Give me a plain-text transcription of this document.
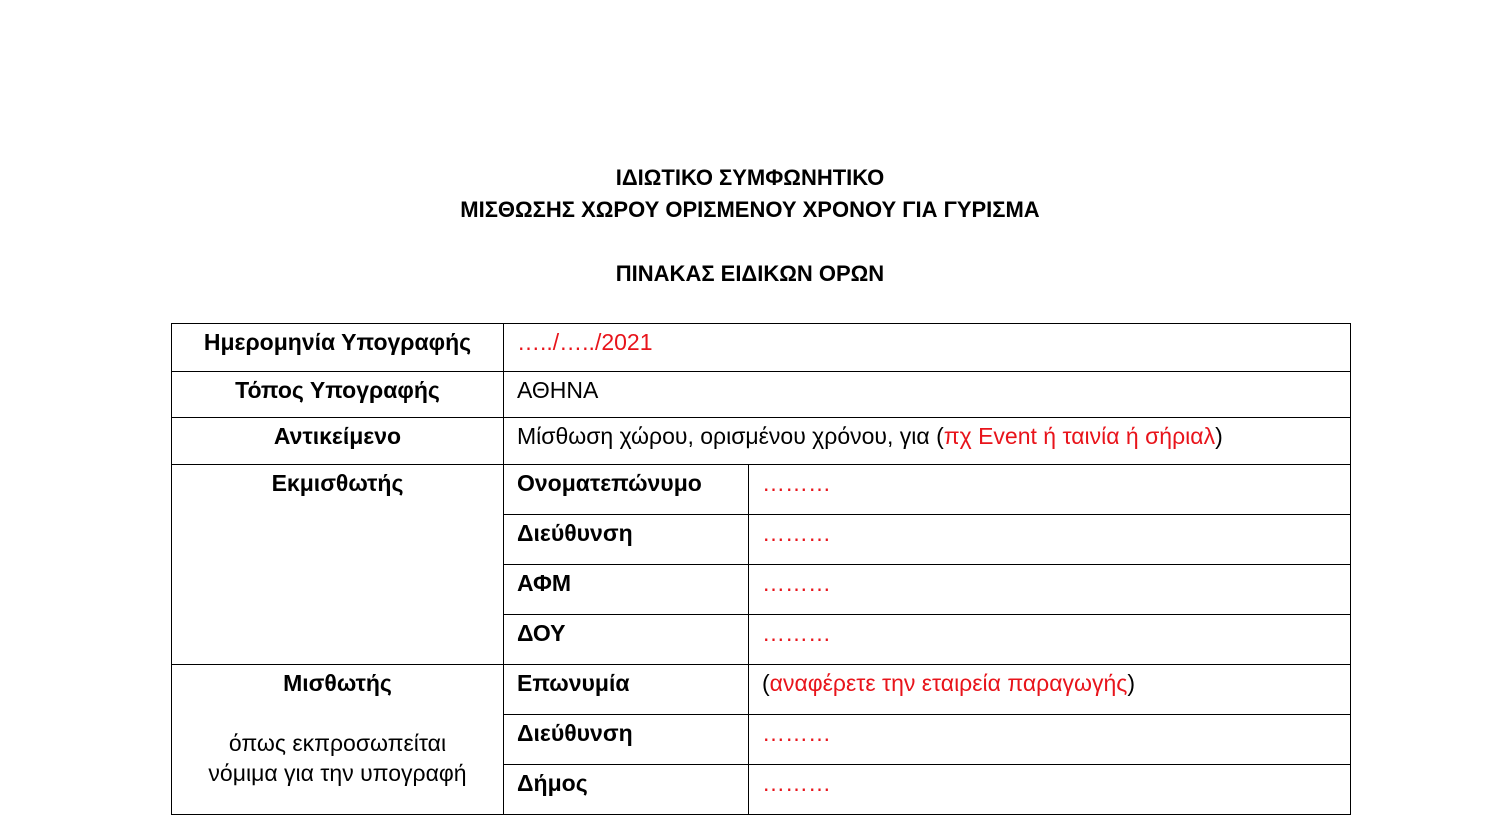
ΙΔΙΩΤΙΚΟ ΣΥΜΦΩΝΗΤΙΚΟ
ΜΙΣΘΩΣΗΣ ΧΩΡΟΥ ΟΡΙΣΜΕΝΟΥ ΧΡΟΝΟΥ ΓΙΑ ΓΥΡΙΣΜΑ
ΠΙΝΑΚΑΣ ΕΙΔΙΚΩΝ ΟΡΩΝ
Ημερομηνία Υπογραφής	…../…../2021	
Τόπος Υπογραφής	ΑΘΗΝΑ	
Αντικείμενο	Μίσθωση χώρου, ορισμένου χρόνου, για (πχ Event ή ταινία ή σήριαλ)	
Εκμισθωτής	Ονοματεπώνυμο	………
	Διεύθυνση	………
	ΑΦΜ	………
	ΔΟΥ	………
Μισθωτής
όπως εκπροσωπείται
νόμιμα για την υπογραφή	Επωνυμία	(αναφέρετε την εταιρεία παραγωγής)
	Διεύθυνση	………
	Δήμος	………
